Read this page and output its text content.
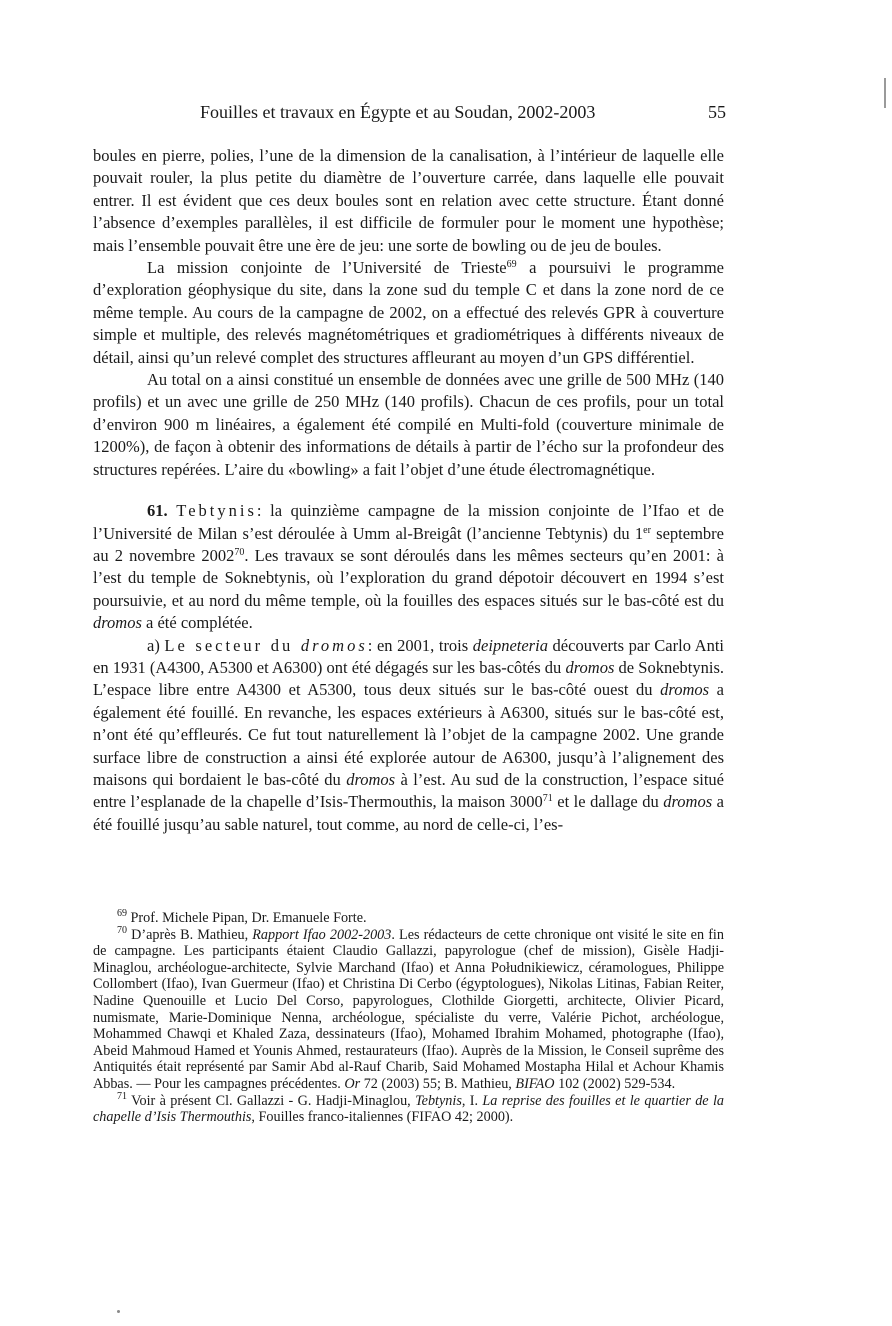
Fouilles et travaux en Égypte et au Soudan, 2002-2003	55

boules en pierre, polies, l’une de la dimension de la canalisation, à l’intérieur de laquelle elle pouvait rouler, la plus petite du diamètre de l’ouverture carrée, dans laquelle elle pouvait entrer. Il est évident que ces deux boules sont en relation avec cette structure. Étant donné l’absence d’exemples parallèles, il est difficile de formuler pour le moment une hypothèse; mais l’ensemble pouvait être une ère de jeu: une sorte de bowling ou de jeu de boules.

La mission conjointe de l’Université de Trieste$^{69}$ a poursuivi le programme d’exploration géophysique du site, dans la zone sud du temple C et dans la zone nord de ce même temple. Au cours de la campagne de 2002, on a effectué des relevés GPR à couverture simple et multiple, des relevés magnétométriques et gradiométriques à différents niveaux de détail, ainsi qu’un relevé complet des structures affleurant au moyen d’un GPS différentiel.

Au total on a ainsi constitué un ensemble de données avec une grille de 500 MHz (140 profils) et un avec une grille de 250 MHz (140 profils). Chacun de ces profils, pour un total d’environ 900 m linéaires, a également été compilé en Multi-fold (couverture minimale de 1200%), de façon à obtenir des informations de détails à partir de l’écho sur la profondeur des structures repérées. L’aire du «bowling» a fait l’objet d’une étude électromagnétique.

61. Tebtynis: la quinzième campagne de la mission conjointe de l’Ifao et de l’Université de Milan s’est déroulée à Umm al-Breigât (l’ancienne Tebtynis) du 1er septembre au 2 novembre 2002$^{70}$. Les travaux se sont déroulés dans les mêmes secteurs qu’en 2001: à l’est du temple de Soknebtynis, où l’exploration du grand dépotoir découvert en 1994 s’est poursuivie, et au nord du même temple, où la fouilles des espaces situés sur le bas-côté est du dromos a été complétée.

a) Le secteur du dromos: en 2001, trois deipneteria découverts par Carlo Anti en 1931 (A4300, A5300 et A6300) ont été dégagés sur les bas-côtés du dromos de Soknebtynis. L’espace libre entre A4300 et A5300, tous deux situés sur le bas-côté ouest du dromos a également été fouillé. En revanche, les espaces extérieurs à A6300, situés sur le bas-côté est, n’ont été qu’effleurés. Ce fut tout naturellement là l’objet de la campagne 2002. Une grande surface libre de construction a ainsi été explorée autour de A6300, jusqu’à l’alignement des maisons qui bordaient le bas-côté du dromos à l’est. Au sud de la construction, l’espace situé entre l’esplanade de la chapelle d’Isis-Thermouthis, la maison 3000$^{71}$ et le dallage du dromos a été fouillé jusqu’au sable naturel, tout comme, au nord de celle-ci, l’es-

$^{69}$ Prof. Michele Pipan, Dr. Emanuele Forte.

$^{70}$ D’après B. Mathieu, Rapport Ifao 2002-2003. Les rédacteurs de cette chronique ont visité le site en fin de campagne. Les participants étaient Claudio Gallazzi, papyrologue (chef de mission), Gisèle Hadji-Minaglou, archéologue-architecte, Sylvie Marchand (Ifao) et Anna Południkiewicz, céramologues, Philippe Collombert (Ifao), Ivan Guermeur (Ifao) et Christina Di Cerbo (égyptologues), Nikolas Litinas, Fabian Reiter, Nadine Quenouille et Lucio Del Corso, papyrologues, Clothilde Giorgetti, architecte, Olivier Picard, numismate, Marie-Dominique Nenna, archéologue, spécialiste du verre, Valérie Pichot, archéologue, Mohammed Chawqi et Khaled Zaza, dessinateurs (Ifao), Mohamed Ibrahim Mohamed, photographe (Ifao), Abeid Mahmoud Hamed et Younis Ahmed, restaurateurs (Ifao). Auprès de la Mission, le Conseil suprême des Antiquités était représenté par Samir Abd al-Rauf Charib, Said Mohamed Mostapha Hilal et Achour Khamis Abbas. — Pour les campagnes précédentes. Or 72 (2003) 55; B. Mathieu, BIFAO 102 (2002) 529-534.

$^{71}$ Voir à présent Cl. Gallazzi - G. Hadji-Minaglou, Tebtynis, I. La reprise des fouilles et le quartier de la chapelle d’Isis Thermouthis, Fouilles franco-italiennes (FIFAO 42; 2000).
